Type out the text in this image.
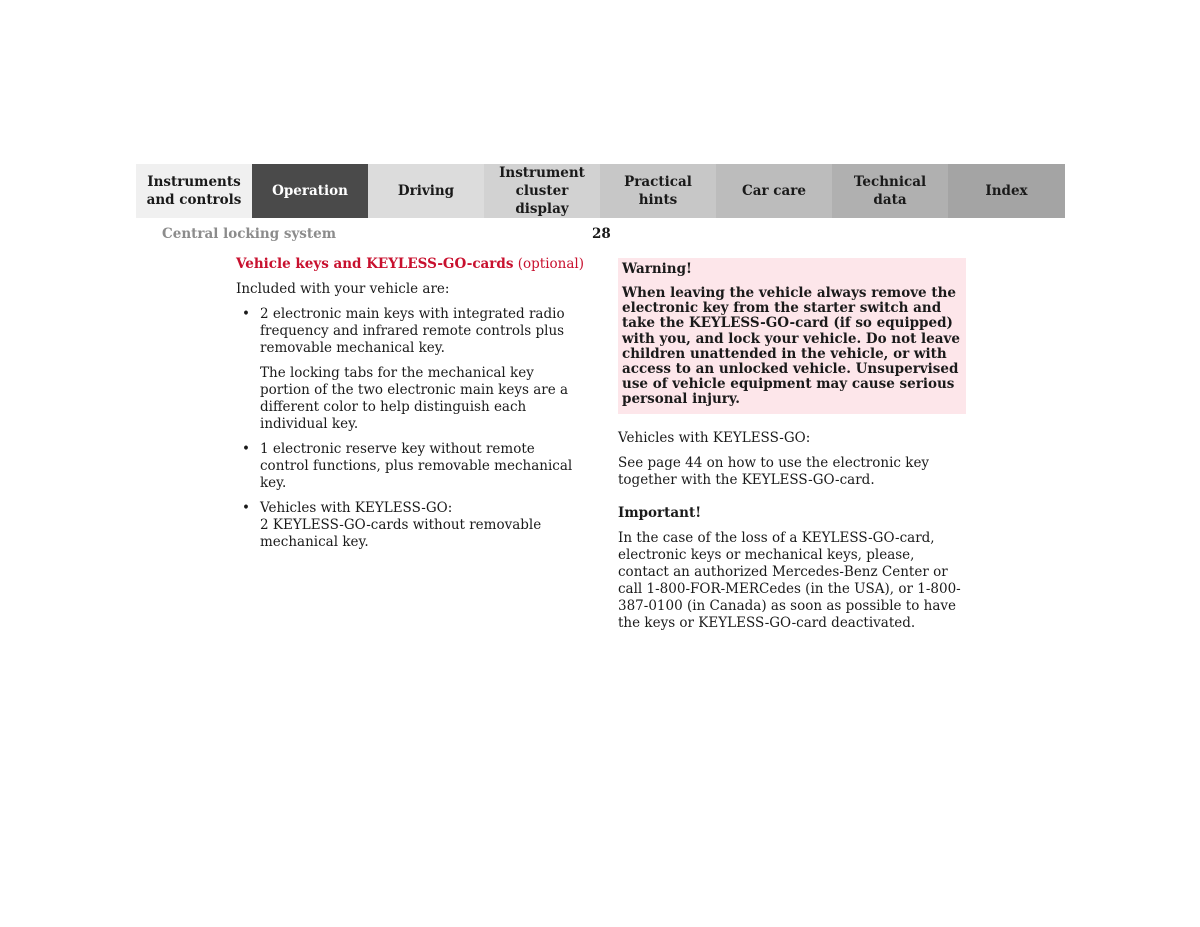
Instruments
and controls
Operation	Driving
Instrument
cluster display
Practical hints
Car care
Technical
data
Index
Central locking system	28

Vehicle keys and KEYLESS-GO-cards (optional)

Included with your vehicle are:

• 2 electronic main keys with integrated radio frequency and infrared remote controls plus removable mechanical key.
The locking tabs for the mechanical key portion of the two electronic main keys are a different color to help distinguish each individual key.
• 1 electronic reserve key without remote control functions, plus removable mechanical key.
• Vehicles with KEYLESS-GO:
2 KEYLESS-GO-cards without removable mechanical key.
Warning!
When leaving the vehicle always remove the electronic key from the starter switch and take the KEYLESS-GO-card (if so equipped) with you, and lock your vehicle. Do not leave children unattended in the vehicle, or with access to an unlocked vehicle. Unsupervised use of vehicle equipment may cause serious personal injury.

Vehicles with KEYLESS-GO:

See page 44 on how to use the electronic key together with the KEYLESS-GO-card.

Important!

In the case of the loss of a KEYLESS-GO-card, electronic keys or mechanical keys, please, contact an authorized Mercedes-Benz Center or call 1-800-FOR-MERCedes (in the USA), or 1-800-387-0100 (in Canada) as soon as possible to have the keys or KEYLESS-GO-card deactivated.
